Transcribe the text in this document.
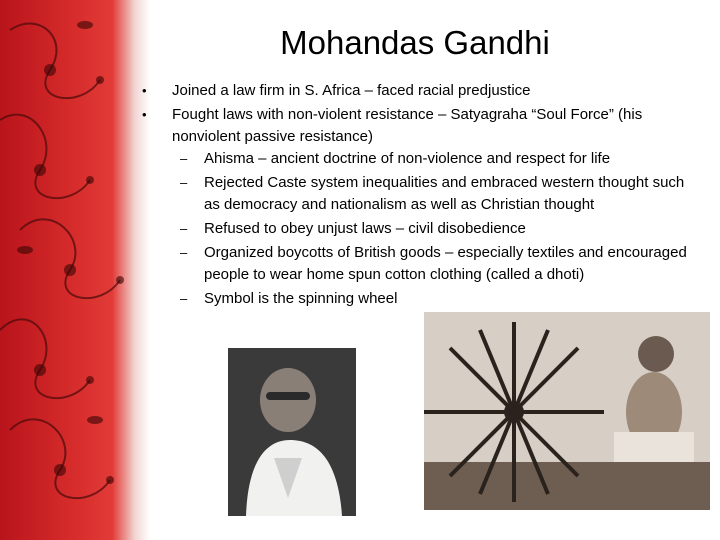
Mohandas Gandhi
• Joined a law firm in S. Africa – faced racial predjustice
• Fought laws with non-violent resistance – Satyagraha “Soul Force” (his nonviolent passive resistance)
– Ahisma – ancient doctrine of non-violence and respect for life
– Rejected Caste system inequalities and embraced western thought such as democracy and nationalism as well as Christian thought
– Refused to obey unjust laws – civil disobedience
– Organized boycotts of British goods – especially textiles and encouraged people to wear home spun cotton clothing (called a dhoti)
– Symbol is the spinning wheel
